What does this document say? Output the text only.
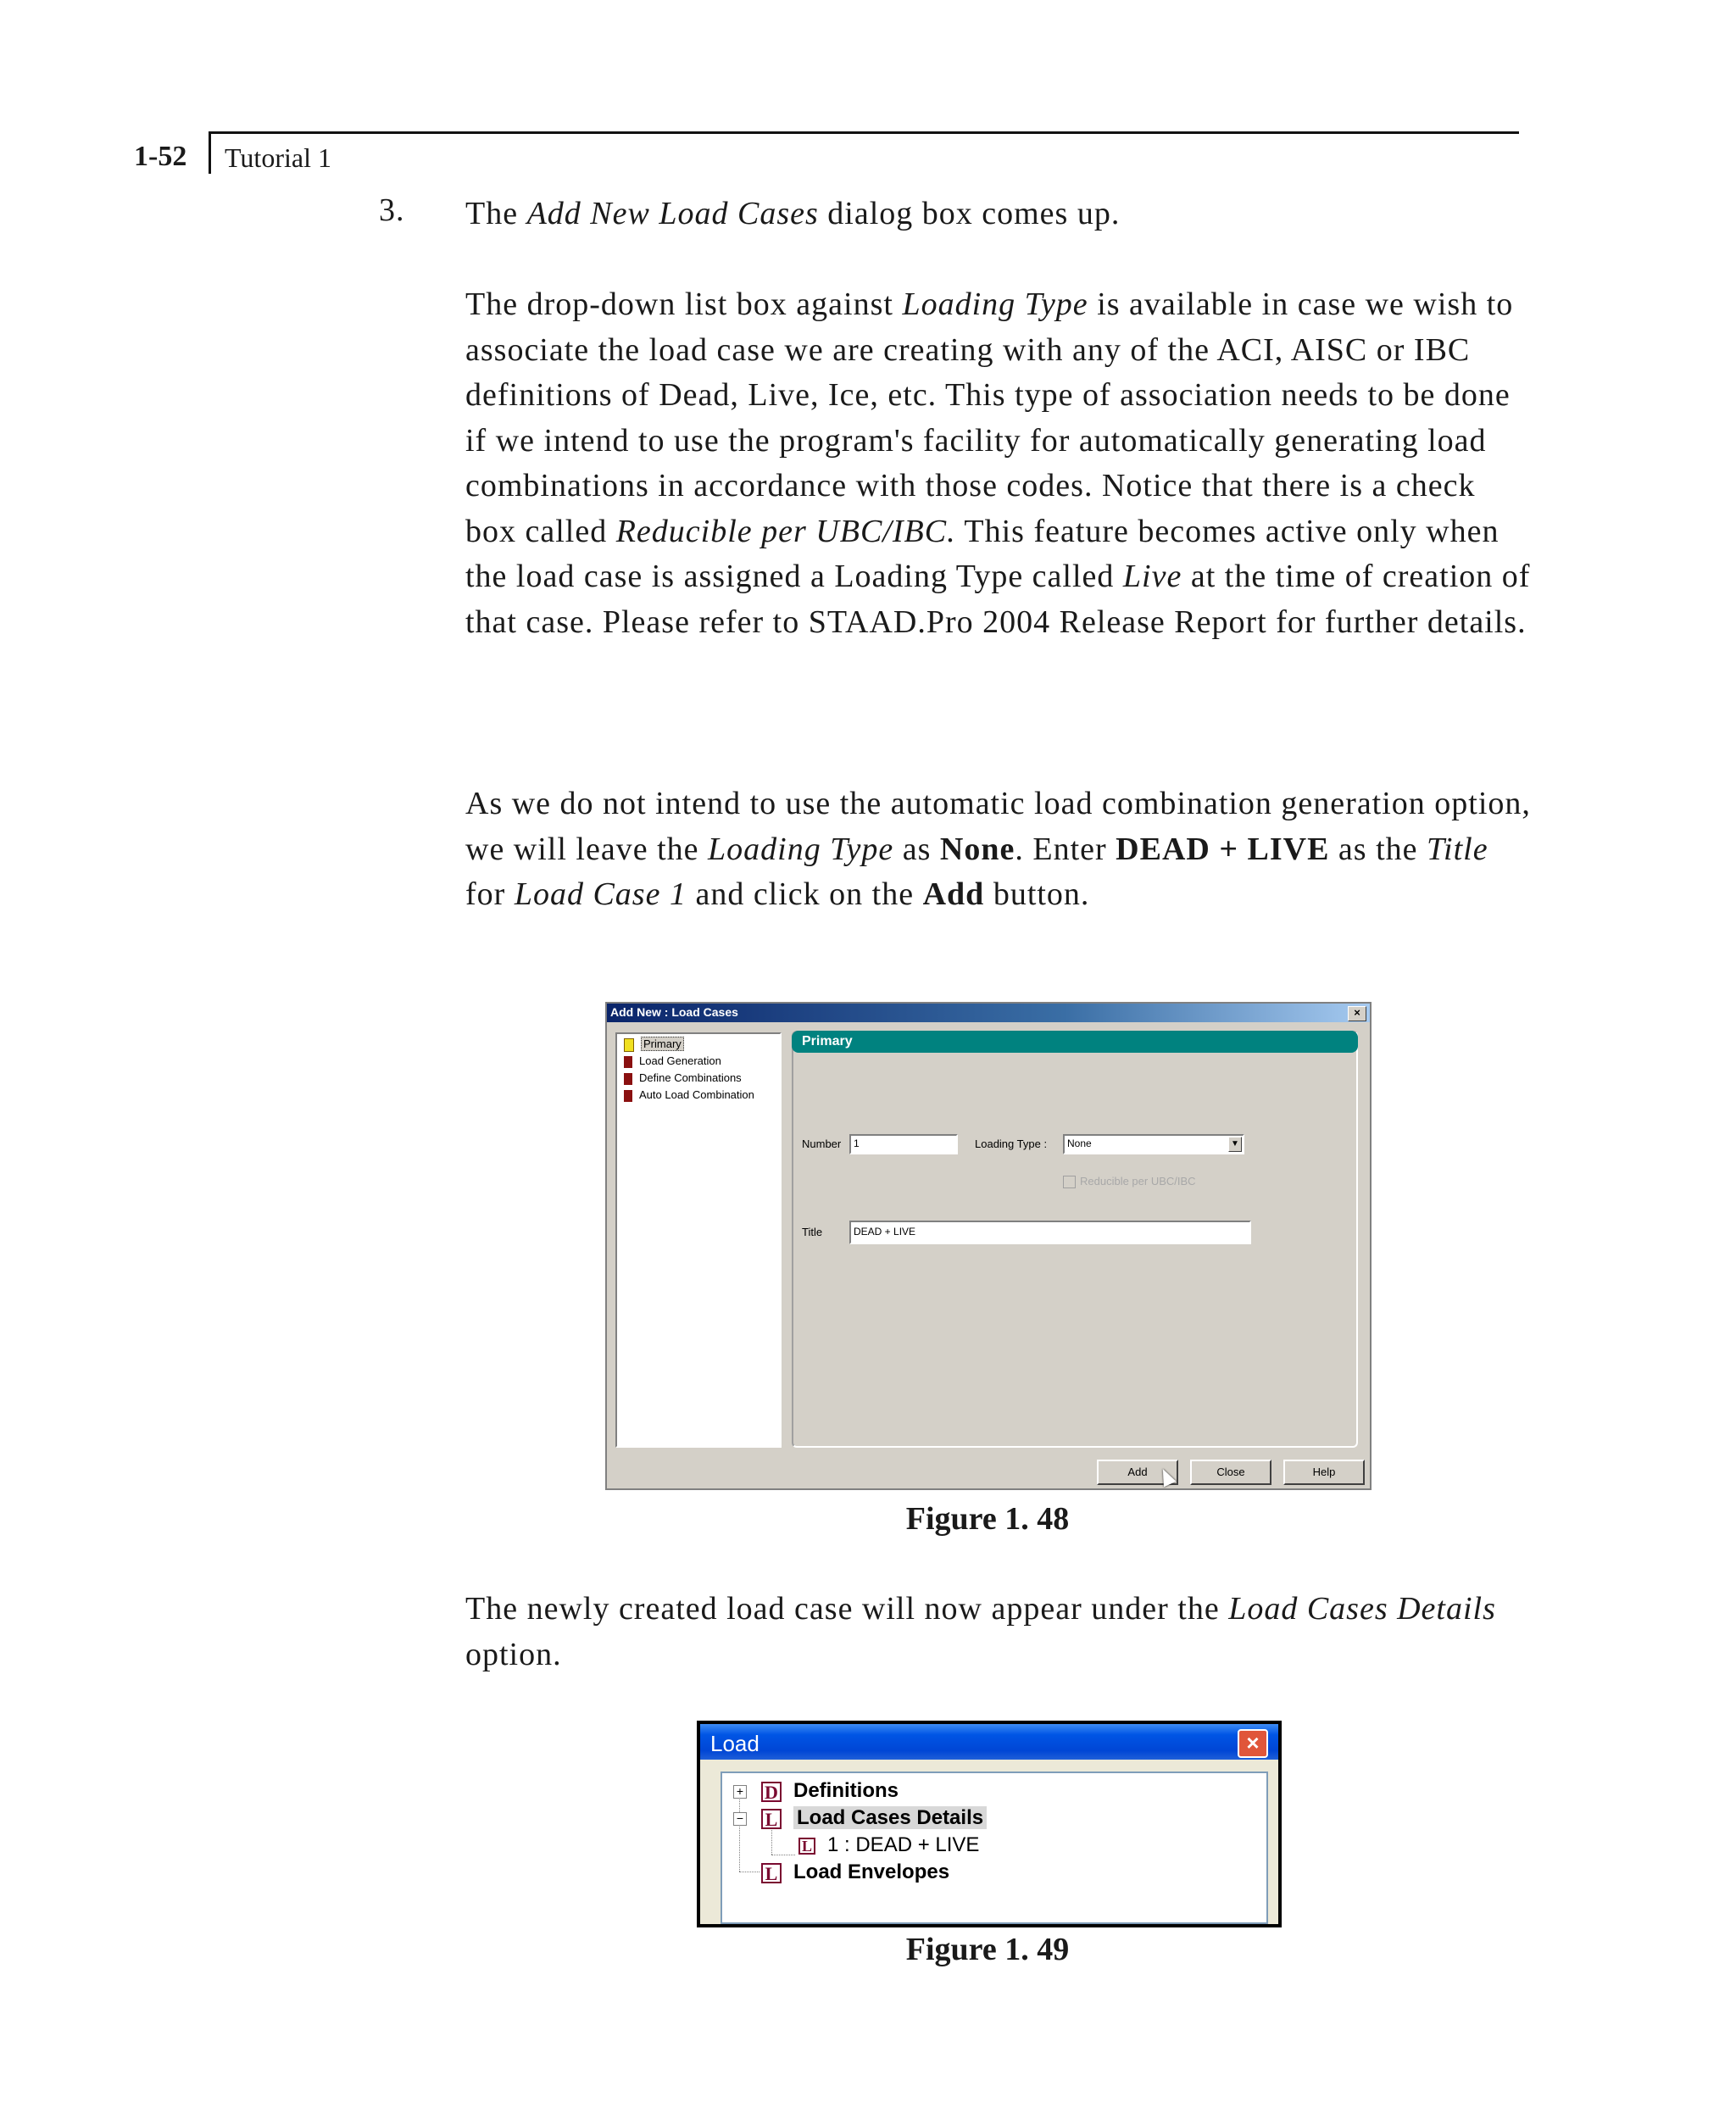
1-52 Tutorial 1
3. The Add New Load Cases dialog box comes up.

The drop-down list box against Loading Type is available in case we wish to associate the load case we are creating with any of the ACI, AISC or IBC definitions of Dead, Live, Ice, etc. This type of association needs to be done if we intend to use the program's facility for automatically generating load combinations in accordance with those codes. Notice that there is a check box called Reducible per UBC/IBC. This feature becomes active only when the load case is assigned a Loading Type called Live at the time of creation of that case. Please refer to STAAD.Pro 2004 Release Report for further details.

As we do not intend to use the automatic load combination generation option, we will leave the Loading Type as None. Enter DEAD + LIVE as the Title for Load Case 1 and click on the Add button.

Add New : Load Cases	×
Primary
Load Generation
Define Combinations
Auto Load Combination
Primary
Number	1	Loading Type :	None	▼
Reducible per UBC/IBC
Title	DEAD + LIVE
Add	Close	Help
Figure 1. 48

The newly created load case will now appear under the Load Cases Details option.

Load	×
+ D Definitions
− L Load Cases Details
L 1 : DEAD + LIVE
L Load Envelopes
Figure 1. 49
